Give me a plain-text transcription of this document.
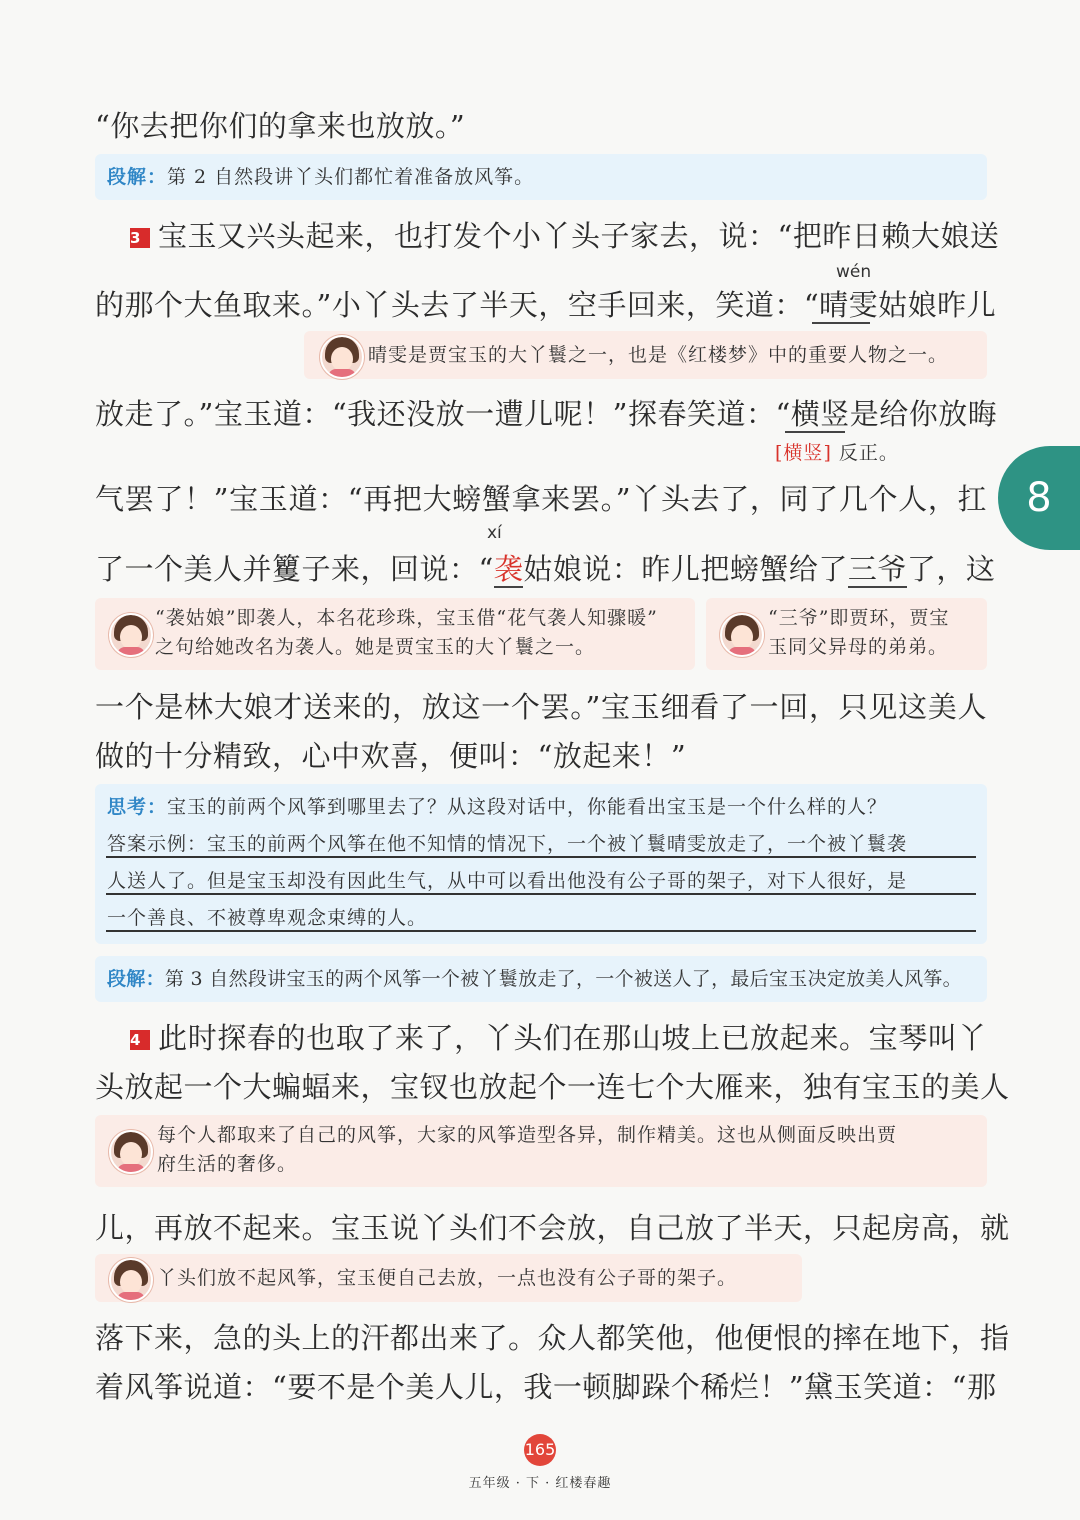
“你去把你们的拿来也放放。”
段解：第 2 自然段讲丫头们都忙着准备放风筝。
3 宝玉又兴头起来，也打发个小丫头子家去，说：“把昨日赖大娘送
wén
的那个大鱼取来。”小丫头去了半天，空手回来，笑道：“晴雯姑娘昨儿
晴雯是贾宝玉的大丫鬟之一，也是《红楼梦》中的重要人物之一。
放走了。”宝玉道：“我还没放一遭儿呢！”探春笑道：“横竖是给你放晦
[横竖] 反正。
气罢了！”宝玉道：“再把大螃蟹拿来罢。”丫头去了，同了几个人，扛
xí
了一个美人并籰子来，回说：“袭姑娘说：昨儿把螃蟹给了三爷了，这
“袭姑娘”即袭人，本名花珍珠，宝玉借“花气袭人知骤暖”
之句给她改名为袭人。她是贾宝玉的大丫鬟之一。
“三爷”即贾环，贾宝
玉同父异母的弟弟。
一个是林大娘才送来的，放这一个罢。”宝玉细看了一回，只见这美人
做的十分精致，心中欢喜，便叫：“放起来！”
思考：宝玉的前两个风筝到哪里去了？从这段对话中，你能看出宝玉是一个什么样的人？
答案示例：宝玉的前两个风筝在他不知情的情况下，一个被丫鬟晴雯放走了，一个被丫鬟袭
人送人了。但是宝玉却没有因此生气，从中可以看出他没有公子哥的架子，对下人很好，是
一个善良、不被尊卑观念束缚的人。
段解：第 3 自然段讲宝玉的两个风筝一个被丫鬟放走了，一个被送人了，最后宝玉决定放美人风筝。
4 此时探春的也取了来了，丫头们在那山坡上已放起来。宝琴叫丫
头放起一个大蝙蝠来，宝钗也放起个一连七个大雁来，独有宝玉的美人
每个人都取来了自己的风筝，大家的风筝造型各异，制作精美。这也从侧面反映出贾
府生活的奢侈。
儿，再放不起来。宝玉说丫头们不会放，自己放了半天，只起房高，就
丫头们放不起风筝，宝玉便自己去放，一点也没有公子哥的架子。
落下来，急的头上的汗都出来了。众人都笑他，他便恨的摔在地下，指
着风筝说道：“要不是个美人儿，我一顿脚跺个稀烂！”黛玉笑道：“那
8
165
五年级 · 下 · 红楼春趣
